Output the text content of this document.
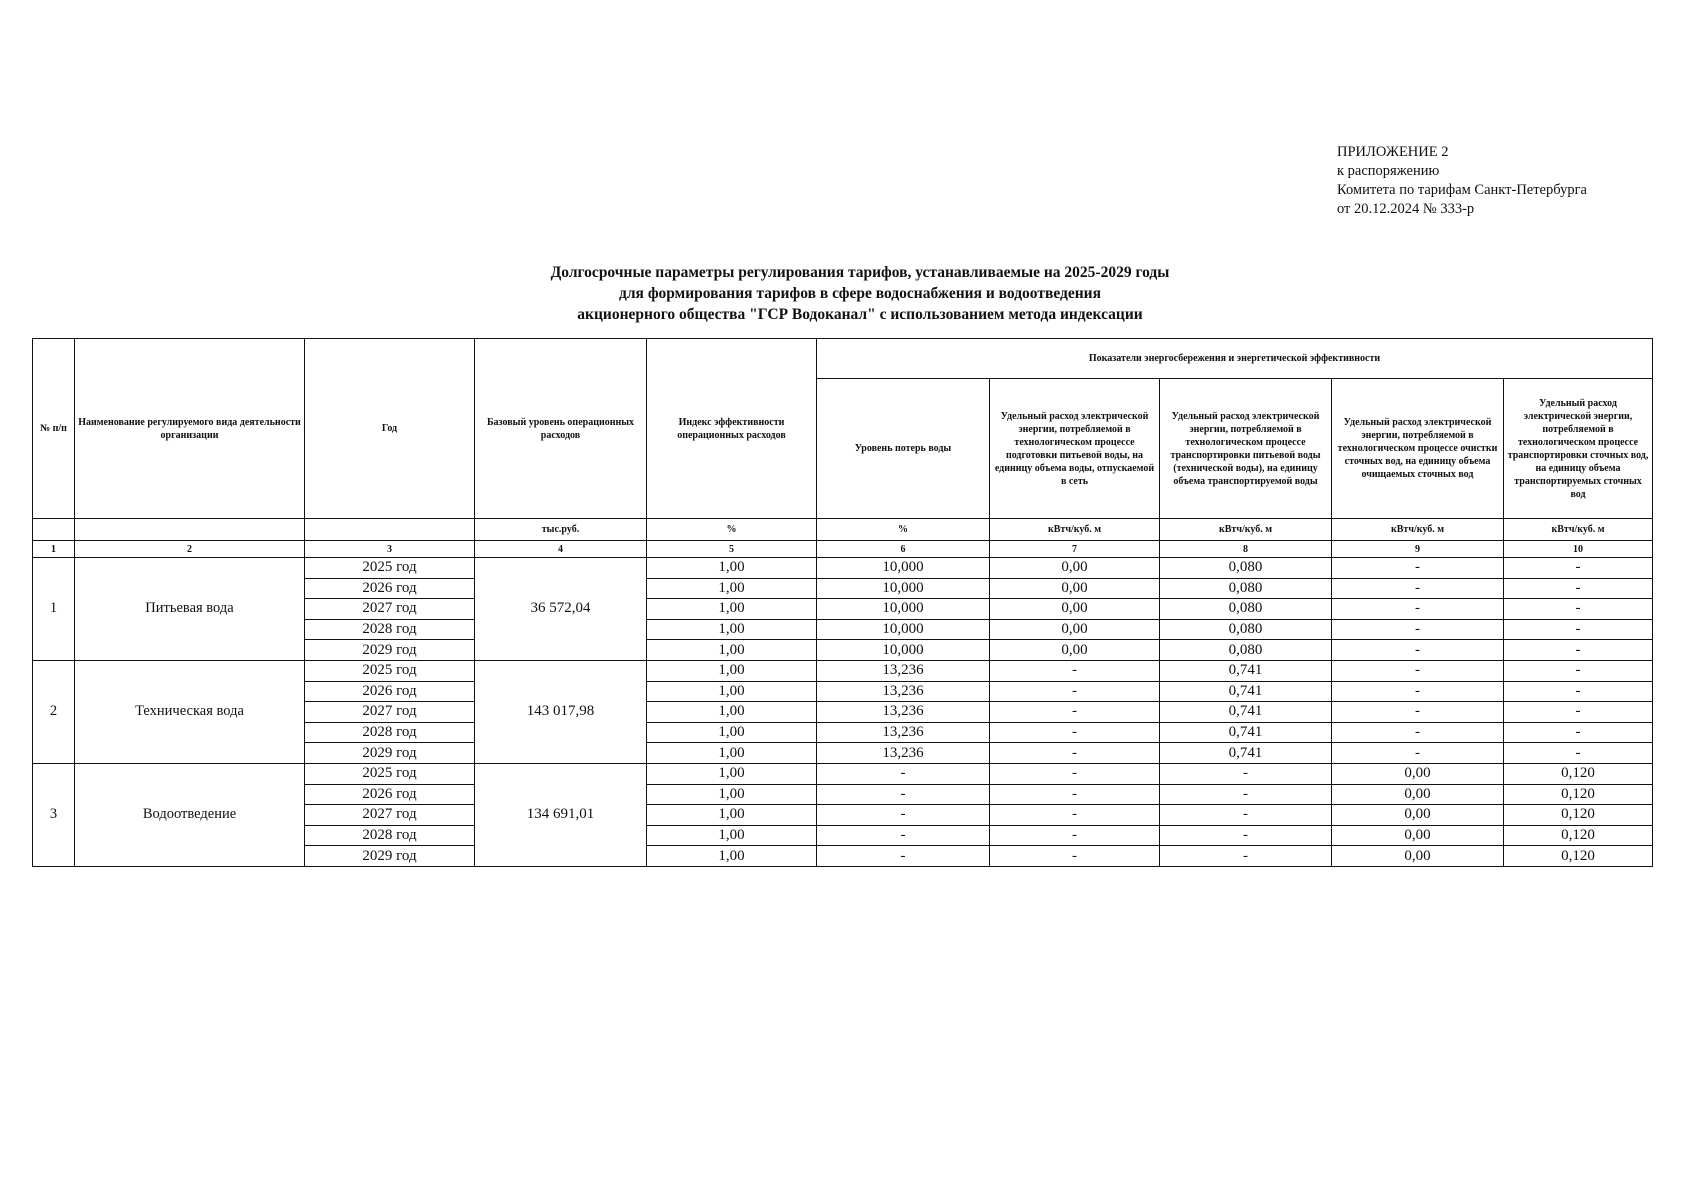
ПРИЛОЖЕНИЕ 2
к распоряжению
Комитета по тарифам Санкт-Петербурга
от 20.12.2024 № 333-р
Долгосрочные параметры регулирования тарифов, устанавливаемые на 2025-2029 годы
для формирования тарифов в сфере водоснабжения и водоотведения
акционерного общества "ГСР Водоканал" с использованием метода индексации
№ п/п	Наименование регулируемого вида деятельности организации	Год	Базовый уровень операционных расходов	Индекс эффективности операционных расходов	Показатели энергосбережения и энергетической эффективности				
					Уровень потерь воды	Удельный расход электрической энергии, потребляемой в технологическом процессе подготовки питьевой воды, на единицу объема воды, отпускаемой в сеть	Удельный расход электрической энергии, потребляемой в технологическом процессе транспортировки питьевой воды (технической воды), на единицу объема транспортируемой воды	Удельный расход электрической энергии, потребляемой в технологическом процессе очистки сточных вод, на единицу объема очищаемых сточных вод	Удельный расход электрической энергии, потребляемой в технологическом процессе транспортировки сточных вод, на единицу объема транспортируемых сточных вод
			тыс.руб.	%	%	кВтч/куб. м	кВтч/куб. м	кВтч/куб. м	кВтч/куб. м
1	2	3	4	5	6	7	8	9	10
1	Питьевая вода	2025 год	36 572,04	1,00	10,000	0,00	0,080	-	-
		2026 год		1,00	10,000	0,00	0,080	-	-
		2027 год		1,00	10,000	0,00	0,080	-	-
		2028 год		1,00	10,000	0,00	0,080	-	-
		2029 год		1,00	10,000	0,00	0,080	-	-
2	Техническая вода	2025 год	143 017,98	1,00	13,236	-	0,741	-	-
		2026 год		1,00	13,236	-	0,741	-	-
		2027 год		1,00	13,236	-	0,741	-	-
		2028 год		1,00	13,236	-	0,741	-	-
		2029 год		1,00	13,236	-	0,741	-	-
3	Водоотведение	2025 год	134 691,01	1,00	-	-	-	0,00	0,120
		2026 год		1,00	-	-	-	0,00	0,120
		2027 год		1,00	-	-	-	0,00	0,120
		2028 год		1,00	-	-	-	0,00	0,120
		2029 год		1,00	-	-	-	0,00	0,120
